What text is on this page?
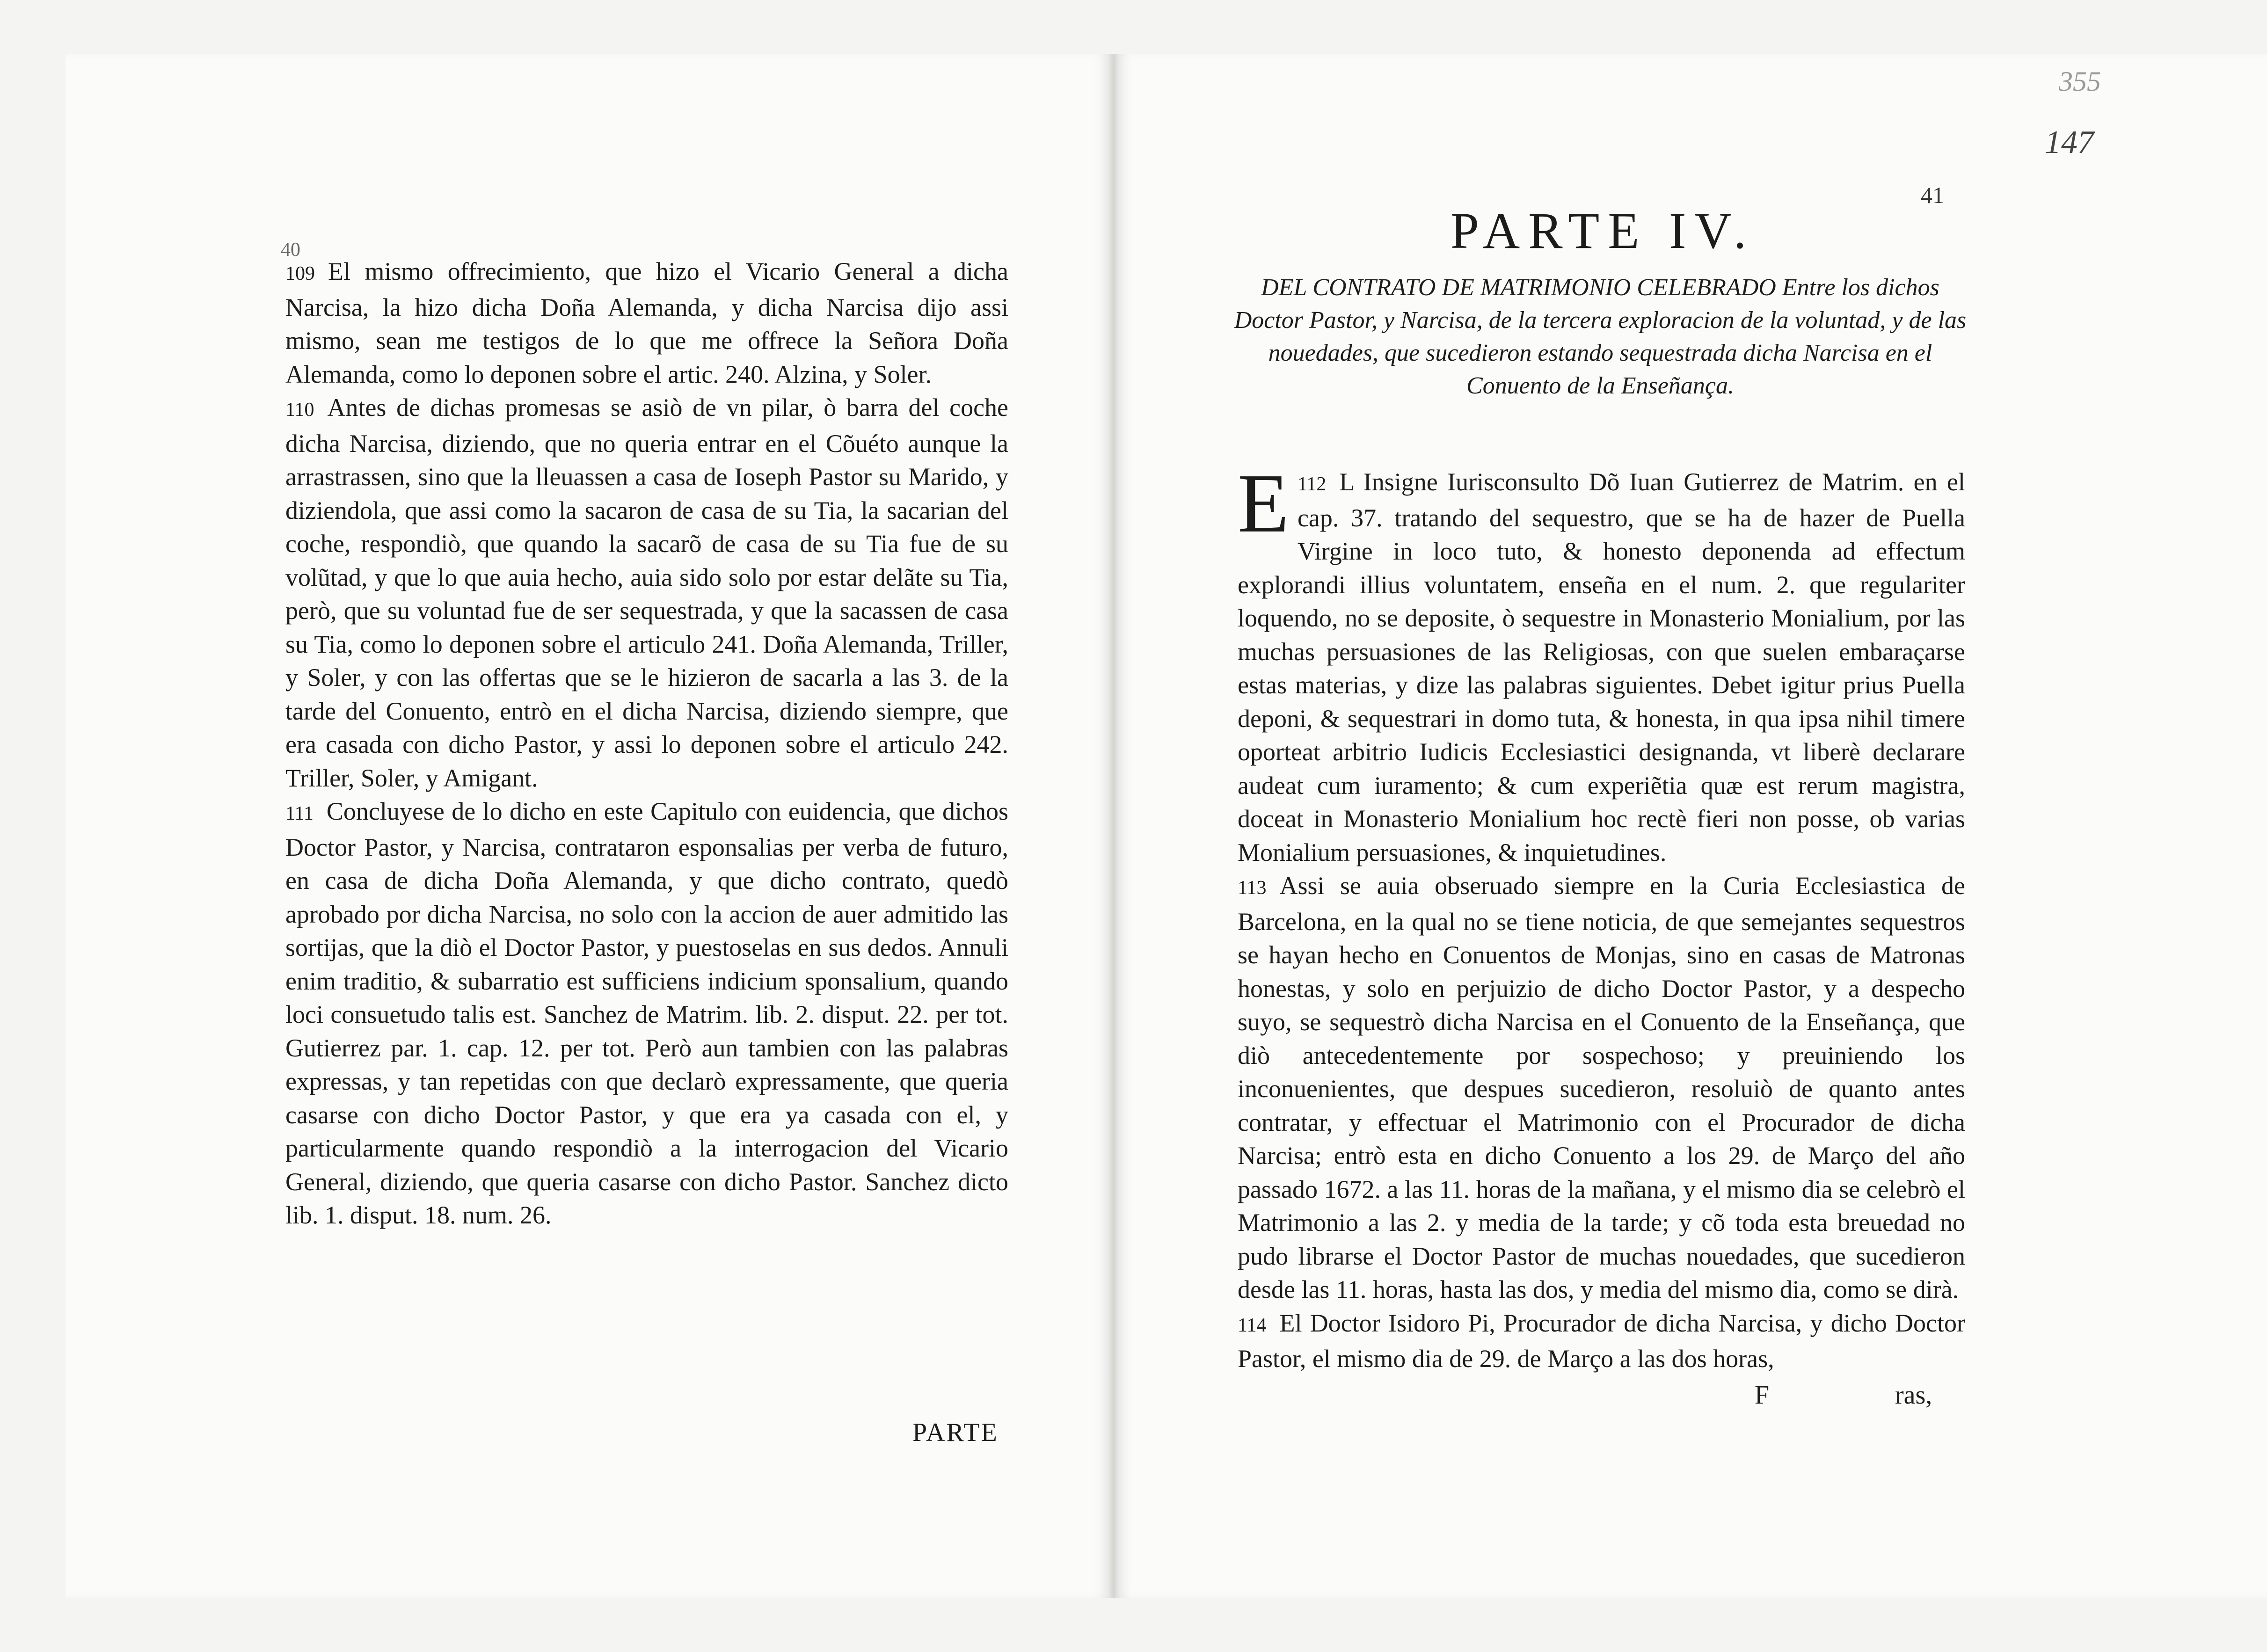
40

109 El mismo offrecimiento, que hizo el Vicario General a dicha Narcisa, la hizo dicha Doña Alemanda, y dicha Narcisa dijo assi mismo, sean me testigos de lo que me offrece la Señora Doña Alemanda, como lo deponen sobre el artic. 240. Alzina, y Soler.

110 Antes de dichas promesas se asiò de vn pilar, ò barra del coche dicha Narcisa, diziendo, que no queria entrar en el Cõuéto aunque la arrastrassen, sino que la lleuassen a casa de Ioseph Pastor su Marido, y diziendola, que assi como la sacaron de casa de su Tia, la sacarian del coche, respondiò, que quando la sacarõ de casa de su Tia fue de su volũtad, y que lo que auia hecho, auia sido solo por estar delãte su Tia, però, que su voluntad fue de ser sequestrada, y que la sacassen de casa su Tia, como lo deponen sobre el articulo 241. Doña Alemanda, Triller, y Soler, y con las offertas que se le hizieron de sacarla a las 3. de la tarde del Conuento, entrò en el dicha Narcisa, diziendo siempre, que era casada con dicho Pastor, y assi lo deponen sobre el articulo 242. Triller, Soler, y Amigant.

111 Concluyese de lo dicho en este Capitulo con euidencia, que dichos Doctor Pastor, y Narcisa, contrataron esponsalias per verba de futuro, en casa de dicha Doña Alemanda, y que dicho contrato, quedò aprobado por dicha Narcisa, no solo con la accion de auer admitido las sortijas, que la diò el Doctor Pastor, y puestoselas en sus dedos. Annuli enim traditio, & subarratio est sufficiens indicium sponsalium, quando loci consuetudo talis est. Sanchez de Matrim. lib. 2. disput. 22. per tot. Gutierrez par. 1. cap. 12. per tot. Però aun tambien con las palabras expressas, y tan repetidas con que declarò expressamente, que queria casarse con dicho Doctor Pastor, y que era ya casada con el, y particularmente quando respondiò a la interrogacion del Vicario General, diziendo, que queria casarse con dicho Pastor. Sanchez dicto lib. 1. disput. 18. num. 26.

PARTE
355
147
41
PARTE IV.
DEL CONTRATO DE MATRIMONIO CELEBRADO Entre los dichos Doctor Pastor, y Narcisa, de la tercera exploracion de la voluntad, y de las nouedades, que sucedieron estando sequestrada dicha Narcisa en el Conuento de la Enseñança.

112
E L Insigne Iurisconsulto Dõ Iuan Gutierrez de Matrim. en el cap. 37. tratando del sequestro, que se ha de hazer de Puella Virgine in loco tuto, & honesto deponenda ad effectum explorandi illius voluntatem, enseña en el num. 2. que regulariter loquendo, no se deposite, ò sequestre in Monasterio Monialium, por las muchas persuasiones de las Religiosas, con que suelen embaraçarse estas materias, y dize las palabras siguientes. Debet igitur prius Puella deponi, & sequestrari in domo tuta, & honesta, in qua ipsa nihil timere oporteat arbitrio Iudicis Ecclesiastici designanda, vt liberè declarare audeat cum iuramento; & cum experiẽtia quæ est rerum magistra, doceat in Monasterio Monialium hoc rectè fieri non posse, ob varias Monialium persuasiones, & inquietudines.

113 Assi se auia obseruado siempre en la Curia Ecclesiastica de Barcelona, en la qual no se tiene noticia, de que semejantes sequestros se hayan hecho en Conuentos de Monjas, sino en casas de Matronas honestas, y solo en perjuizio de dicho Doctor Pastor, y a despecho suyo, se sequestrò dicha Narcisa en el Conuento de la Enseñança, que diò antecedentemente por sospechoso; y preuiniendo los inconuenientes, que despues sucedieron, resoluiò de quanto antes contratar, y effectuar el Matrimonio con el Procurador de dicha Narcisa; entrò esta en dicho Conuento a los 29. de Março del año passado 1672. a las 11. horas de la mañana, y el mismo dia se celebrò el Matrimonio a las 2. y media de la tarde; y cõ toda esta breuedad no pudo librarse el Doctor Pastor de muchas nouedades, que sucedieron desde las 11. horas, hasta las dos, y media del mismo dia, como se dirà.

114 El Doctor Isidoro Pi, Procurador de dicha Narcisa, y dicho Doctor Pastor, el mismo dia de 29. de Março a las dos horas,

F	ras,
